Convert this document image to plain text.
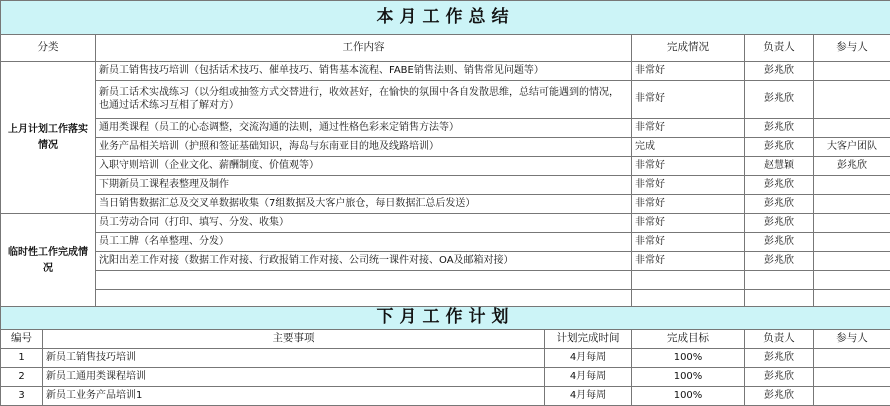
本月工作总结				
分类	工作内容	完成情况	负责人	参与人
上月计划工作落实情况	新员工销售技巧培训（包括话术技巧、催单技巧、销售基本流程、FABE销售法则、销售常见问题等）	非常好	彭兆欣	
	新员工话术实战练习（以分组或抽签方式交替进行，收效甚好，在愉快的氛围中各自发散思维，总结可能遇到的情况，也通过话术练习互相了解对方）	非常好	彭兆欣	
	通用类课程（员工的心态调整，交流沟通的法则，通过性格色彩来定销售方法等）	非常好	彭兆欣	
	业务产品相关培训（护照和签证基础知识，海岛与东南亚目的地及线路培训）	完成	彭兆欣	大客户团队
	入职守则培训（企业文化、薪酬制度、价值观等）	非常好	赵慧颖	彭兆欣
	下期新员工课程表整理及制作	非常好	彭兆欣	
	当日销售数据汇总及交叉单数据收集（7组数据及大客户旅仓，每日数据汇总后发送）	非常好	彭兆欣	
临时性工作完成情况	员工劳动合同（打印、填写、分发、收集）	非常好	彭兆欣	
	员工工牌（名单整理、分发）	非常好	彭兆欣	
	沈阳出差工作对接（数据工作对接、行政报销工作对接、公司统一课件对接、OA及邮箱对接）	非常好	彭兆欣	

下月工作计划					
编号	主要事项	计划完成时间	完成目标	负责人	参与人
1	新员工销售技巧培训	4月每周	100%	彭兆欣	
2	新员工通用类课程培训	4月每周	100%	彭兆欣	
3	新员工业务产品培训1	4月每周	100%	彭兆欣	
